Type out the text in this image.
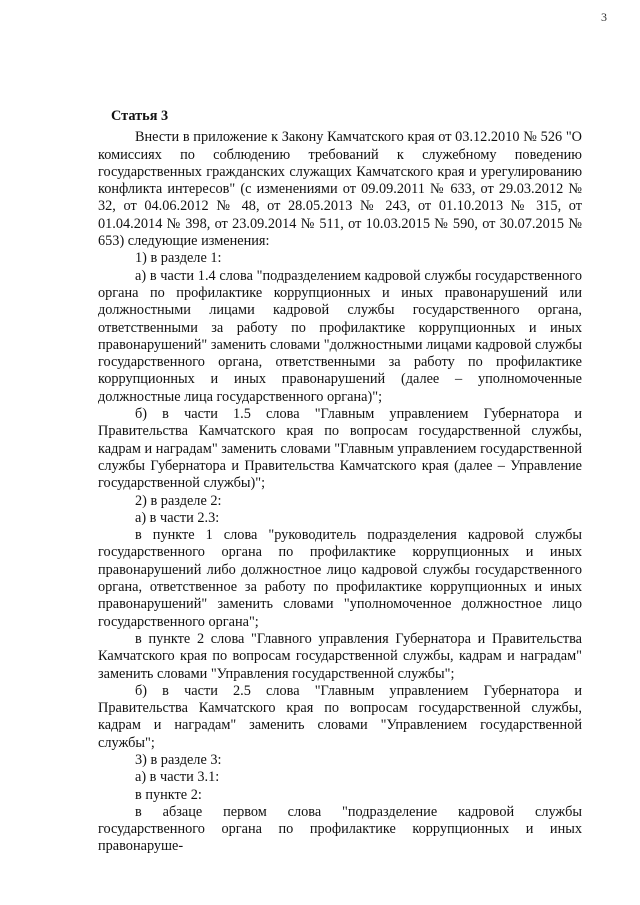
3

Статья 3

Внести в приложение к Закону Камчатского края от 03.12.2010 № 526 "О комиссиях по соблюдению требований к служебному поведению государственных гражданских служащих Камчатского края и урегулированию конфликта интересов" (с изменениями от 09.09.2011 № 633, от 29.03.2012 № 32, от 04.06.2012 № 48, от 28.05.2013 № 243, от 01.10.2013 № 315, от 01.04.2014 № 398, от 23.09.2014 № 511, от 10.03.2015 № 590, от 30.07.2015 № 653) следующие изменения:

1) в разделе 1:

а) в части 1.4 слова "подразделением кадровой службы государственного органа по профилактике коррупционных и иных правонарушений или должностными лицами кадровой службы государственного органа, ответственными за работу по профилактике коррупционных и иных правонарушений" заменить словами "должностными лицами кадровой службы государственного органа, ответственными за работу по профилактике коррупционных и иных правонарушений (далее – уполномоченные должностные лица государственного органа)";

б) в части 1.5 слова "Главным управлением Губернатора и Правительства Камчатского края по вопросам государственной службы, кадрам и наградам" заменить словами "Главным управлением государственной службы Губернатора и Правительства Камчатского края (далее – Управление государственной службы)";

2) в разделе 2:

а) в части 2.3:

в пункте 1 слова "руководитель подразделения кадровой службы государственного органа по профилактике коррупционных и иных правонарушений либо должностное лицо кадровой службы государственного органа, ответственное за работу по профилактике коррупционных и иных правонарушений" заменить словами "уполномоченное должностное лицо государственного органа";

в пункте 2 слова "Главного управления Губернатора и Правительства Камчатского края по вопросам государственной службы, кадрам и наградам" заменить словами "Управления государственной службы";

б) в части 2.5 слова "Главным управлением Губернатора и Правительства Камчатского края по вопросам государственной службы, кадрам и наградам" заменить словами "Управлением государственной службы";

3) в разделе 3:

а) в части 3.1:

в пункте 2:

в абзаце первом слова "подразделение кадровой службы государственного органа по профилактике коррупционных и иных правонаруше-
